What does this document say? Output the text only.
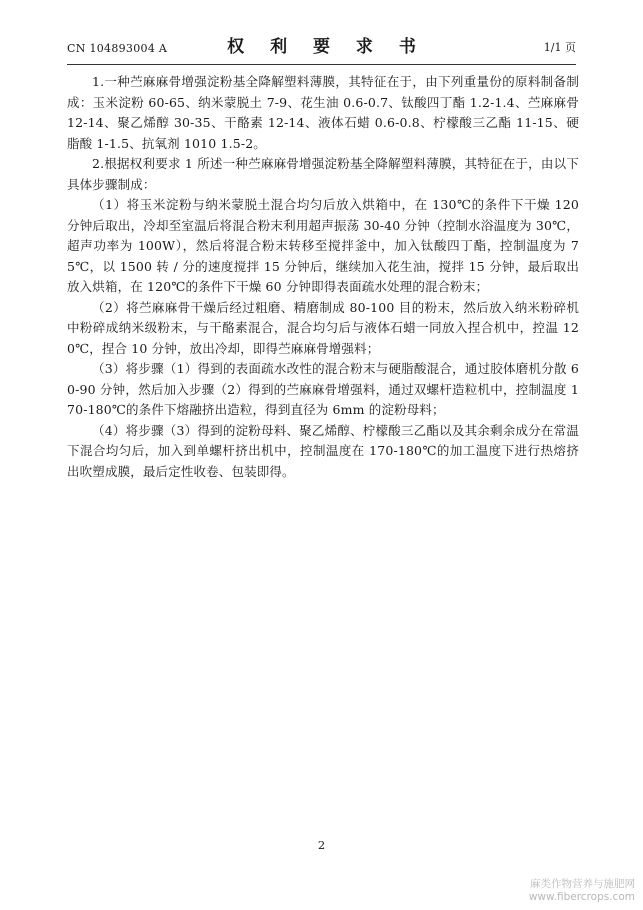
CN 104893004 A	权 利 要 求 书	1/1 页

1.一种苎麻麻骨增强淀粉基全降解塑料薄膜，其特征在于，由下列重量份的原料制备制成：玉米淀粉 60-65、纳米蒙脱土 7-9、花生油 0.6-0.7、钛酸四丁酯 1.2-1.4、苎麻麻骨 12-14、聚乙烯醇 30-35、干酪素 12-14、液体石蜡 0.6-0.8、柠檬酸三乙酯 11-15、硬脂酸 1-1.5、抗氧剂 1010 1.5-2。

2.根据权利要求 1 所述一种苎麻麻骨增强淀粉基全降解塑料薄膜，其特征在于，由以下具体步骤制成：

（1）将玉米淀粉与纳米蒙脱土混合均匀后放入烘箱中，在 130℃的条件下干燥 120 分钟后取出，冷却至室温后将混合粉末利用超声振荡 30-40 分钟（控制水浴温度为 30℃，超声功率为 100W），然后将混合粉末转移至搅拌釜中，加入钛酸四丁酯，控制温度为 75℃，以 1500 转 / 分的速度搅拌 15 分钟后，继续加入花生油，搅拌 15 分钟，最后取出放入烘箱，在 120℃的条件下干燥 60 分钟即得表面疏水处理的混合粉末；

（2）将苎麻麻骨干燥后经过粗磨、精磨制成 80-100 目的粉末，然后放入纳米粉碎机中粉碎成纳米级粉末，与干酪素混合，混合均匀后与液体石蜡一同放入捏合机中，控温 120℃，捏合 10 分钟，放出冷却，即得苎麻麻骨增强料；

（3）将步骤（1）得到的表面疏水改性的混合粉末与硬脂酸混合，通过胶体磨机分散 60-90 分钟，然后加入步骤（2）得到的苎麻麻骨增强料，通过双螺杆造粒机中，控制温度 170-180℃的条件下熔融挤出造粒，得到直径为 6mm 的淀粉母料；

（4）将步骤（3）得到的淀粉母料、聚乙烯醇、柠檬酸三乙酯以及其余剩余成分在常温下混合均匀后，加入到单螺杆挤出机中，控制温度在 170-180℃的加工温度下进行热熔挤出吹塑成膜，最后定性收卷、包装即得。

2
麻类作物营养与施肥网
www.fibercrops.com
